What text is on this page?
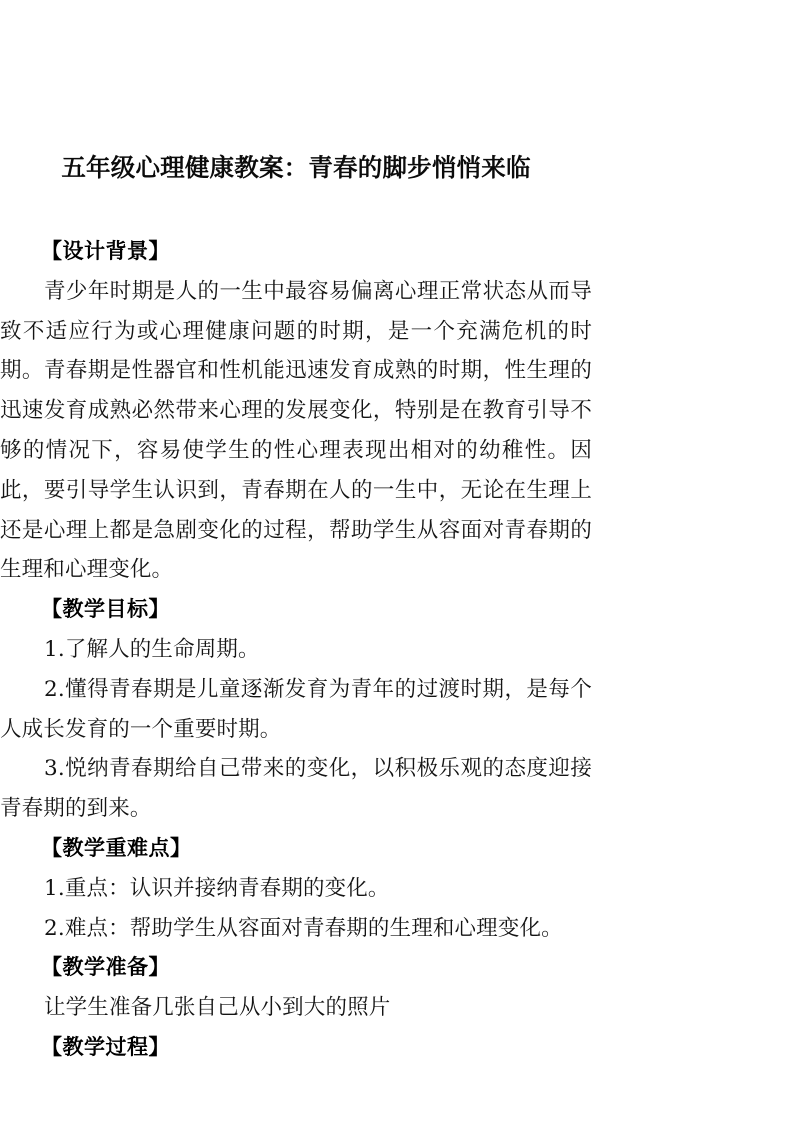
五年级心理健康教案：青春的脚步悄悄来临

【设计背景】

青少年时期是人的一生中最容易偏离心理正常状态从而导致不适应行为或心理健康问题的时期，是一个充满危机的时期。青春期是性器官和性机能迅速发育成熟的时期，性生理的迅速发育成熟必然带来心理的发展变化，特别是在教育引导不够的情况下，容易使学生的性心理表现出相对的幼稚性。因此，要引导学生认识到，青春期在人的一生中，无论在生理上还是心理上都是急剧变化的过程，帮助学生从容面对青春期的生理和心理变化。

【教学目标】

1.了解人的生命周期。

2.懂得青春期是儿童逐渐发育为青年的过渡时期，是每个人成长发育的一个重要时期。

3.悦纳青春期给自己带来的变化，以积极乐观的态度迎接青春期的到来。

【教学重难点】

1.重点：认识并接纳青春期的变化。

2.难点：帮助学生从容面对青春期的生理和心理变化。

【教学准备】

让学生准备几张自己从小到大的照片

【教学过程】
